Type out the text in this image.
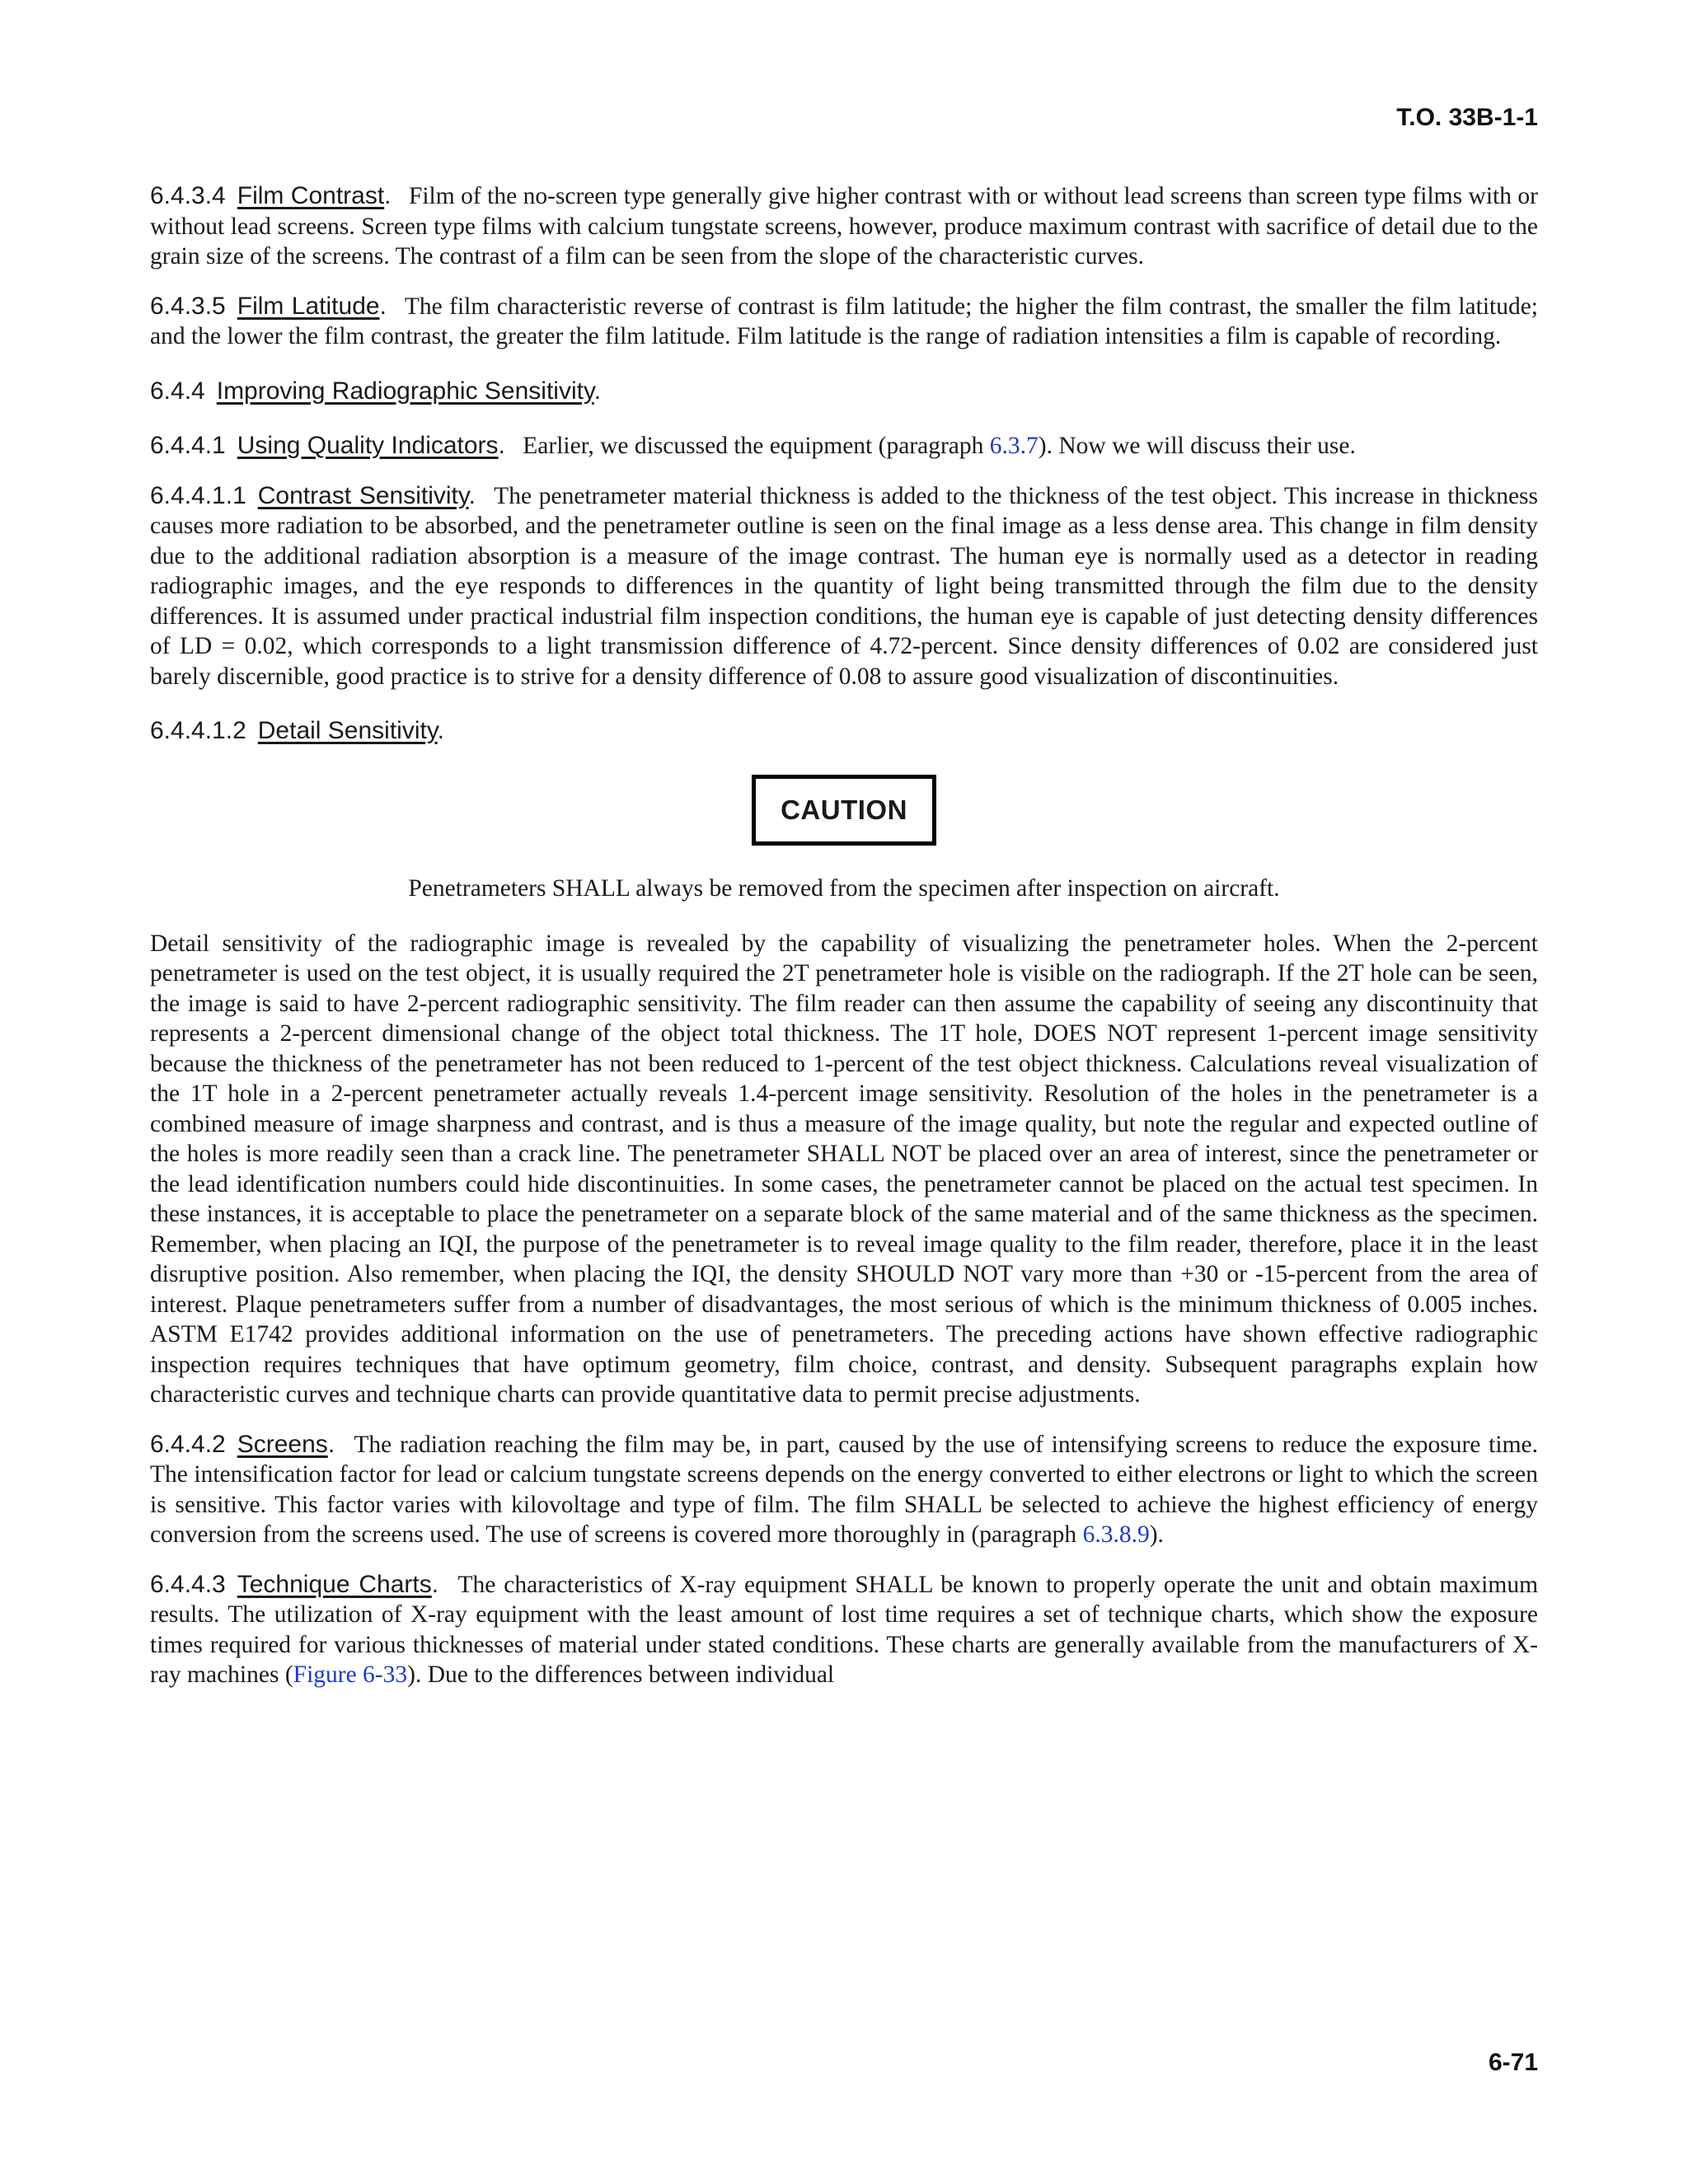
T.O. 33B-1-1

6.4.3.4 Film Contrast. Film of the no-screen type generally give higher contrast with or without lead screens than screen type films with or without lead screens. Screen type films with calcium tungstate screens, however, produce maximum contrast with sacrifice of detail due to the grain size of the screens. The contrast of a film can be seen from the slope of the characteristic curves.

6.4.3.5 Film Latitude. The film characteristic reverse of contrast is film latitude; the higher the film contrast, the smaller the film latitude; and the lower the film contrast, the greater the film latitude. Film latitude is the range of radiation intensities a film is capable of recording.

6.4.4 Improving Radiographic Sensitivity.

6.4.4.1 Using Quality Indicators. Earlier, we discussed the equipment (paragraph 6.3.7). Now we will discuss their use.

6.4.4.1.1 Contrast Sensitivity. The penetrameter material thickness is added to the thickness of the test object. This increase in thickness causes more radiation to be absorbed, and the penetrameter outline is seen on the final image as a less dense area. This change in film density due to the additional radiation absorption is a measure of the image contrast. The human eye is normally used as a detector in reading radiographic images, and the eye responds to differences in the quantity of light being transmitted through the film due to the density differences. It is assumed under practical industrial film inspection conditions, the human eye is capable of just detecting density differences of LD = 0.02, which corresponds to a light transmission difference of 4.72-percent. Since density differences of 0.02 are considered just barely discernible, good practice is to strive for a density difference of 0.08 to assure good visualization of discontinuities.

6.4.4.1.2 Detail Sensitivity.

CAUTION

Penetrameters SHALL always be removed from the specimen after inspection on aircraft.

Detail sensitivity of the radiographic image is revealed by the capability of visualizing the penetrameter holes. When the 2-percent penetrameter is used on the test object, it is usually required the 2T penetrameter hole is visible on the radiograph. If the 2T hole can be seen, the image is said to have 2-percent radiographic sensitivity. The film reader can then assume the capability of seeing any discontinuity that represents a 2-percent dimensional change of the object total thickness. The 1T hole, DOES NOT represent 1-percent image sensitivity because the thickness of the penetrameter has not been reduced to 1-percent of the test object thickness. Calculations reveal visualization of the 1T hole in a 2-percent penetrameter actually reveals 1.4-percent image sensitivity. Resolution of the holes in the penetrameter is a combined measure of image sharpness and contrast, and is thus a measure of the image quality, but note the regular and expected outline of the holes is more readily seen than a crack line. The penetrameter SHALL NOT be placed over an area of interest, since the penetrameter or the lead identification numbers could hide discontinuities. In some cases, the penetrameter cannot be placed on the actual test specimen. In these instances, it is acceptable to place the penetrameter on a separate block of the same material and of the same thickness as the specimen. Remember, when placing an IQI, the purpose of the penetrameter is to reveal image quality to the film reader, therefore, place it in the least disruptive position. Also remember, when placing the IQI, the density SHOULD NOT vary more than +30 or -15-percent from the area of interest. Plaque penetrameters suffer from a number of disadvantages, the most serious of which is the minimum thickness of 0.005 inches. ASTM E1742 provides additional information on the use of penetrameters. The preceding actions have shown effective radiographic inspection requires techniques that have optimum geometry, film choice, contrast, and density. Subsequent paragraphs explain how characteristic curves and technique charts can provide quantitative data to permit precise adjustments.

6.4.4.2 Screens. The radiation reaching the film may be, in part, caused by the use of intensifying screens to reduce the exposure time. The intensification factor for lead or calcium tungstate screens depends on the energy converted to either electrons or light to which the screen is sensitive. This factor varies with kilovoltage and type of film. The film SHALL be selected to achieve the highest efficiency of energy conversion from the screens used. The use of screens is covered more thoroughly in (paragraph 6.3.8.9).

6.4.4.3 Technique Charts. The characteristics of X-ray equipment SHALL be known to properly operate the unit and obtain maximum results. The utilization of X-ray equipment with the least amount of lost time requires a set of technique charts, which show the exposure times required for various thicknesses of material under stated conditions. These charts are generally available from the manufacturers of X-ray machines (Figure 6-33). Due to the differences between individual

6-71
